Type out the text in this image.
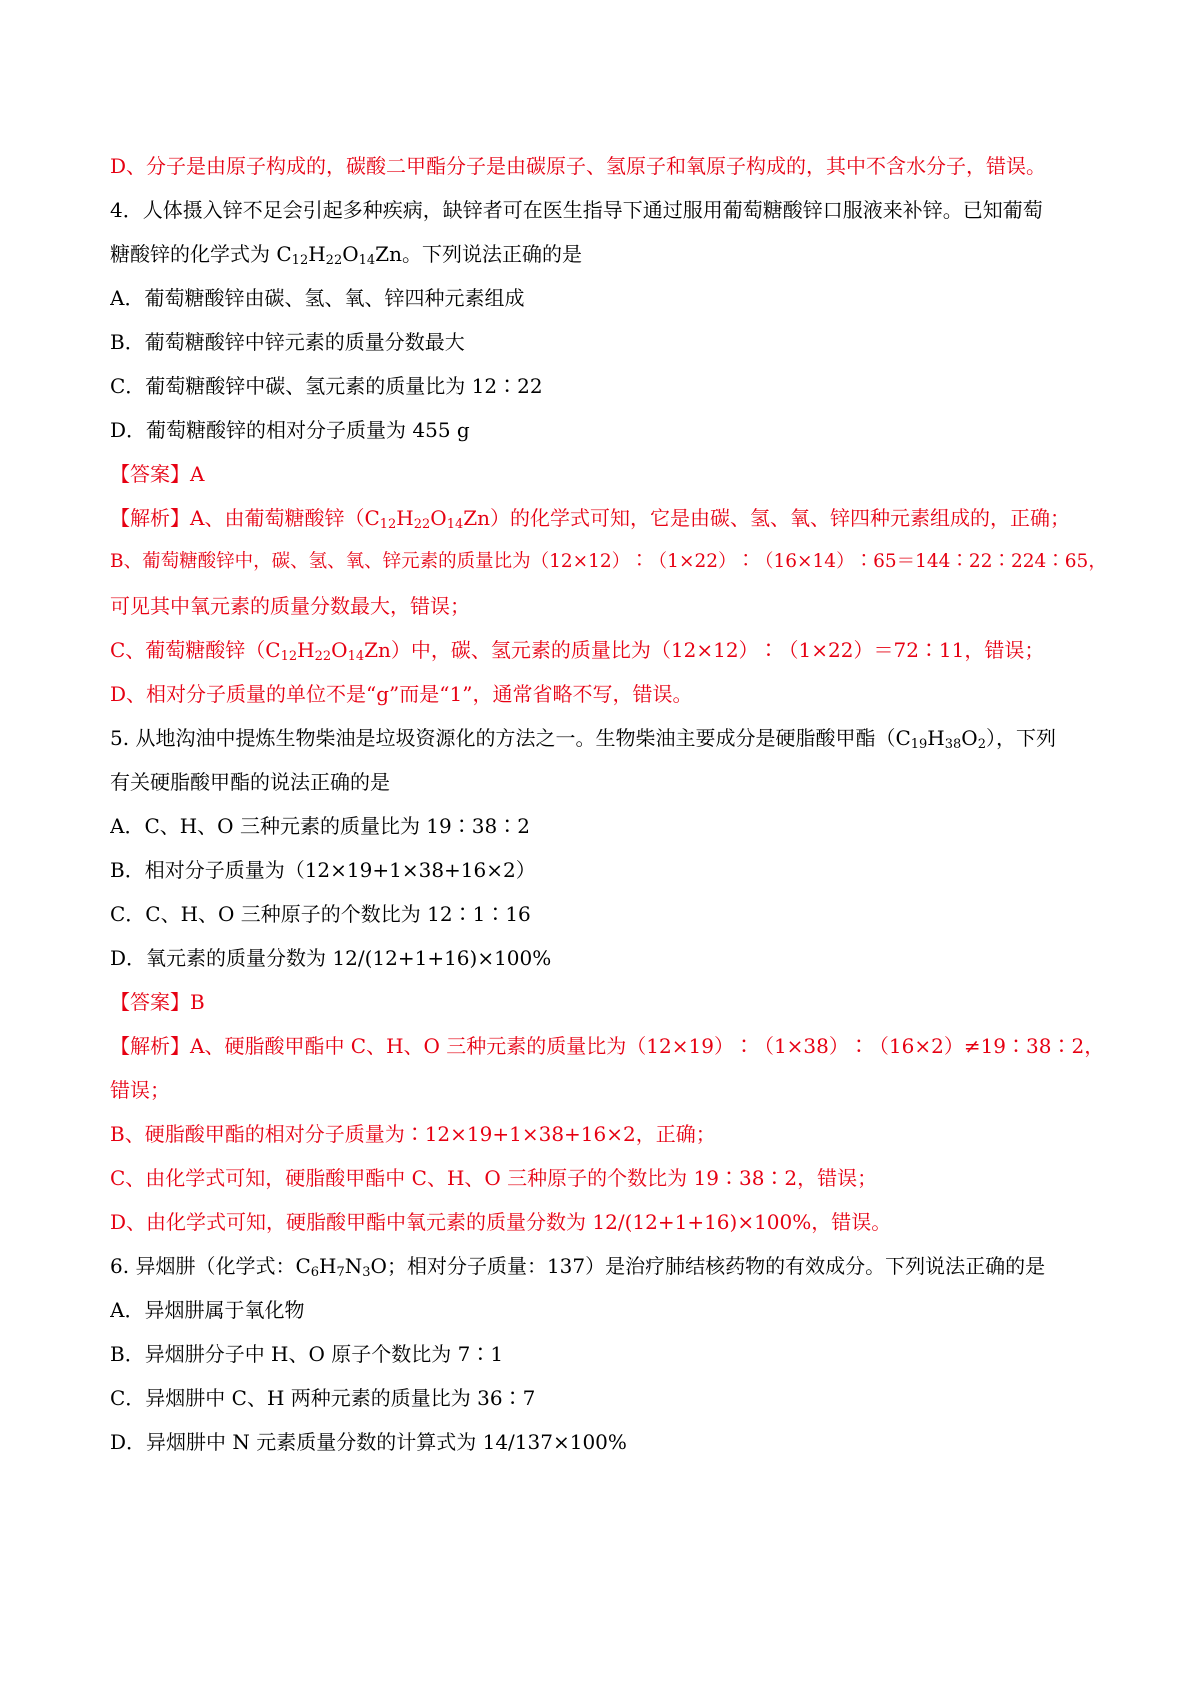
D、分子是由原子构成的，碳酸二甲酯分子是由碳原子、氢原子和氧原子构成的，其中不含水分子，错误。
4．人体摄入锌不足会引起多种疾病，缺锌者可在医生指导下通过服用葡萄糖酸锌口服液来补锌。已知葡萄
糖酸锌的化学式为 $C_{12}H_{22}O_{14}Zn$。下列说法正确的是
A．葡萄糖酸锌由碳、氢、氧、锌四种元素组成
B．葡萄糖酸锌中锌元素的质量分数最大
C．葡萄糖酸锌中碳、氢元素的质量比为 12∶22
D．葡萄糖酸锌的相对分子质量为 455 g
【答案】A
【解析】A、由葡萄糖酸锌$(C_{12}H_{22}O_{14}Zn)$的化学式可知，它是由碳、氢、氧、锌四种元素组成的，正确；
B、葡萄糖酸锌中，碳、氢、氧、锌元素的质量比为（12×12）∶（1×22）∶（16×14）∶65＝144∶22∶224∶65，
可见其中氧元素的质量分数最大，错误；
C、葡萄糖酸锌$(C_{12}H_{22}O_{14}Zn)$中，碳、氢元素的质量比为（12×12）∶（1×22）＝72∶11，错误；
D、相对分子质量的单位不是“g”而是“1”，通常省略不写，错误。
5. 从地沟油中提炼生物柴油是垃圾资源化的方法之一。生物柴油主要成分是硬脂酸甲酯$(C_{19}H_{38}O_2)$，下列
有关硬脂酸甲酯的说法正确的是
A．C、H、O 三种元素的质量比为 19∶38∶2
B．相对分子质量为（12×19+1×38+16×2）
C．C、H、O 三种原子的个数比为 12∶1∶16
D．氧元素的质量分数为 12/(12+1+16)×100%
【答案】B
【解析】A、硬脂酸甲酯中 C、H、O 三种元素的质量比为（12×19）∶（1×38）∶（16×2）≠19∶38∶2，
错误；
B、硬脂酸甲酯的相对分子质量为∶12×19+1×38+16×2，正确；
C、由化学式可知，硬脂酸甲酯中 C、H、O 三种原子的个数比为 19∶38∶2，错误；
D、由化学式可知，硬脂酸甲酯中氧元素的质量分数为 12/(12+1+16)×100%，错误。
6. 异烟肼（化学式：$C_6H_7N_3O$；相对分子质量：137）是治疗肺结核药物的有效成分。下列说法正确的是
A．异烟肼属于氧化物
B．异烟肼分子中 H、O 原子个数比为 7∶1
C．异烟肼中 C、H 两种元素的质量比为 36∶7
D．异烟肼中 N 元素质量分数的计算式为 14/137×100%
